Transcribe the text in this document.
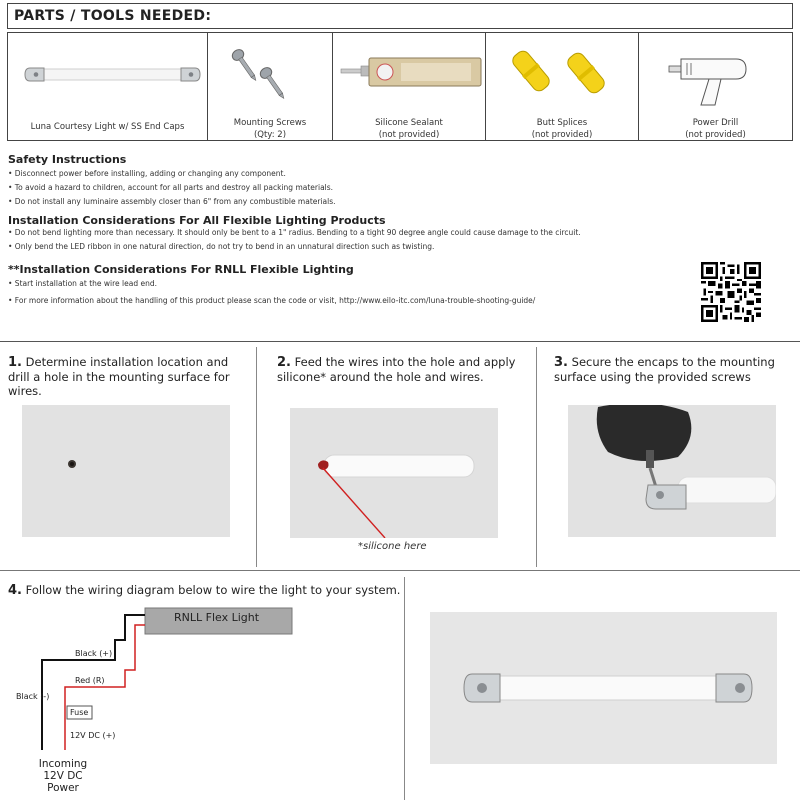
PARTS / TOOLS NEEDED:
Luna Courtesy Light w/ SS End Caps	Mounting Screws
(Qty: 2)
Silicone Sealant
(not provided)
Butt Splices
(not provided)
Power Drill
(not provided)
Safety Instructions
• Disconnect power before installing, adding or changing any component.
• To avoid a hazard to children, account for all parts and destroy all packing materials.
• Do not install any luminaire assembly closer than 6" from any combustible materials.
Installation Considerations For All Flexible Lighting Products
• Do not bend lighting more than necessary. It should only be bent to a 1" radius. Bending to a tight 90 degree angle could cause damage to the circuit.
• Only bend the LED ribbon in one natural direction, do not try to bend in an unnatural direction such as twisting.
**Installation Considerations For RNLL Flexible Lighting
• Start installation at the wire lead end.
• For more information about the handling of this product please scan the code or visit, http://www.eilo-itc.com/luna-trouble-shooting-guide/
1. Determine installation location and drill a hole in the mounting surface for wires.
2. Feed the wires into the hole and apply silicone* around the hole and wires.
*silicone here
3. Secure the encaps to the mounting surface using the provided screws
4. Follow the wiring diagram below to wire the light to your system.
RNLL Flex Light
Black (+)
Red (R)
Black (-)
Fuse
12V DC (+)
Incoming
12V DC
Power
